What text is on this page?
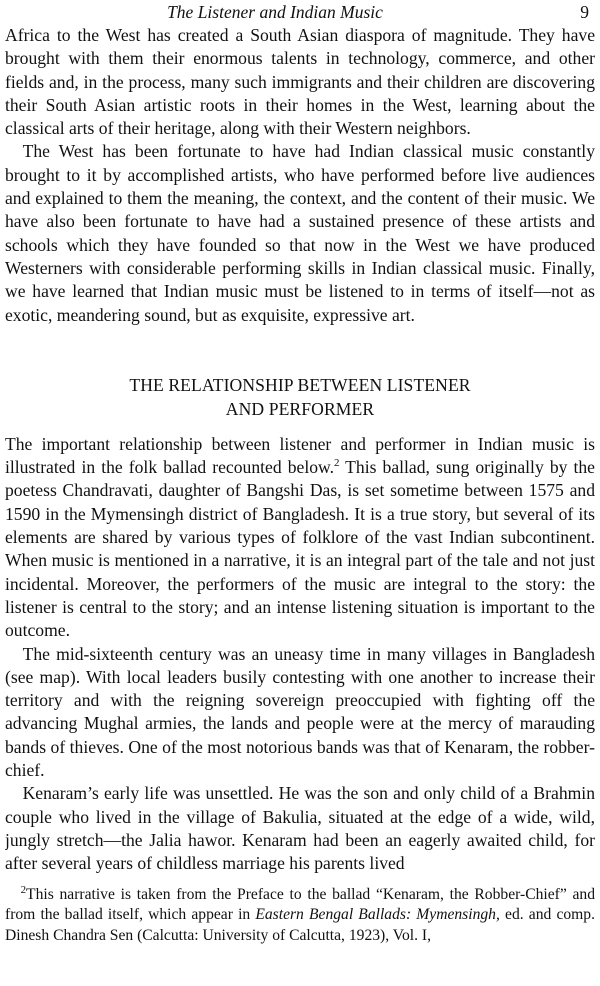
The Listener and Indian Music	9

Africa to the West has created a South Asian diaspora of magnitude. They have brought with them their enormous talents in technology, commerce, and other fields and, in the process, many such immigrants and their children are discovering their South Asian artistic roots in their homes in the West, learning about the classical arts of their heritage, along with their Western neighbors.

The West has been fortunate to have had Indian classical music constantly brought to it by accomplished artists, who have performed before live audiences and explained to them the meaning, the context, and the content of their music. We have also been fortunate to have had a sustained presence of these artists and schools which they have founded so that now in the West we have produced Westerners with considerable performing skills in Indian classical music. Finally, we have learned that Indian music must be listened to in terms of itself—not as exotic, meandering sound, but as exquisite, expressive art.

THE RELATIONSHIP BETWEEN LISTENER
AND PERFORMER

The important relationship between listener and performer in Indian music is illustrated in the folk ballad recounted below.$^2$ This ballad, sung originally by the poetess Chandravati, daughter of Bangshi Das, is set sometime between 1575 and 1590 in the Mymensingh district of Bangladesh. It is a true story, but several of its elements are shared by various types of folklore of the vast Indian subcontinent. When music is mentioned in a narrative, it is an integral part of the tale and not just incidental. Moreover, the performers of the music are integral to the story: the listener is central to the story; and an intense listening situation is important to the outcome.

The mid-sixteenth century was an uneasy time in many villages in Bangladesh (see map). With local leaders busily contesting with one another to increase their territory and with the reigning sovereign preoccupied with fighting off the advancing Mughal armies, the lands and people were at the mercy of marauding bands of thieves. One of the most notorious bands was that of Kenaram, the robber-chief.

Kenaram’s early life was unsettled. He was the son and only child of a Brahmin couple who lived in the village of Bakulia, situated at the edge of a wide, wild, jungly stretch—the Jalia hawor. Kenaram had been an eagerly awaited child, for after several years of childless marriage his parents lived

$^2$This narrative is taken from the Preface to the ballad “Kenaram, the Robber-Chief” and from the ballad itself, which appear in Eastern Bengal Ballads: Mymensingh, ed. and comp. Dinesh Chandra Sen (Calcutta: University of Calcutta, 1923), Vol. I,
